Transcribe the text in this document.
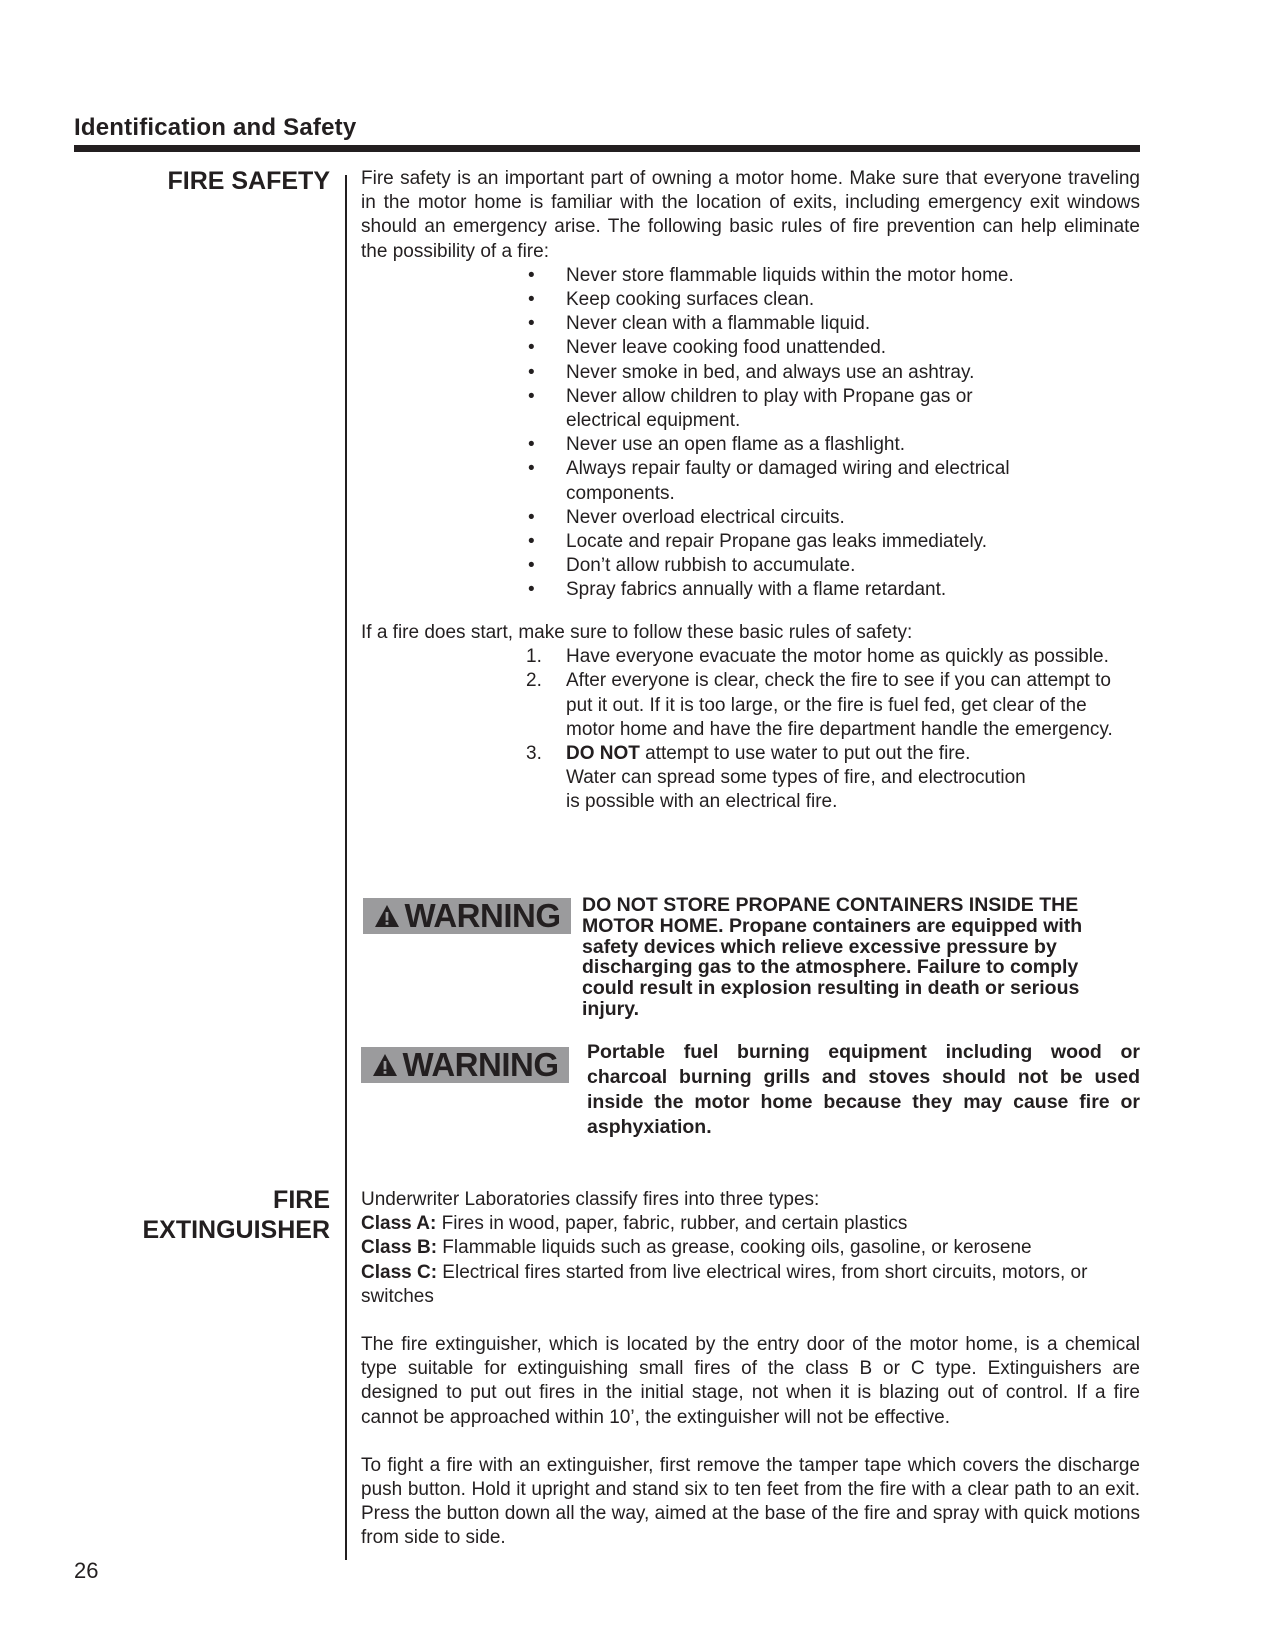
Identification and Safety
FIRE SAFETY Fire safety is an important part of owning a motor home. Make sure that everyone traveling in the motor home is familiar with the location of exits, including emergency exit windows should an emergency arise. The following basic rules of fire prevention can help eliminate the possibility of a fire:

• Never store flammable liquids within the motor home.
• Keep cooking surfaces clean.
• Never clean with a flammable liquid.
• Never leave cooking food unattended.
• Never smoke in bed, and always use an ashtray.
• Never allow children to play with Propane gas or electrical equipment.
• Never use an open flame as a flashlight.
• Always repair faulty or damaged wiring and electrical components.
• Never overload electrical circuits.
• Locate and repair Propane gas leaks immediately.
• Don’t allow rubbish to accumulate.
• Spray fabrics annually with a flame retardant.

If a fire does start, make sure to follow these basic rules of safety:

1. Have everyone evacuate the motor home as quickly as possible.
2. After everyone is clear, check the fire to see if you can attempt to put it out. If it is too large, or the fire is fuel fed, get clear of the motor home and have the fire department handle the emergency.
3. DO NOT attempt to use water to put out the fire.
Water can spread some types of fire, and electrocution
is possible with an electrical fire.
WARNING DO NOT STORE PROPANE CONTAINERS INSIDE THE MOTOR HOME. Propane containers are equipped with safety devices which relieve excessive pressure by discharging gas to the atmosphere. Failure to comply could result in explosion resulting in death or serious injury.
WARNING Portable fuel burning equipment including wood or charcoal burning grills and stoves should not be used inside the motor home because they may cause fire or asphyxiation.
FIRE
EXTINGUISHER

Underwriter Laboratories classify fires into three types:

Class A: Fires in wood, paper, fabric, rubber, and certain plastics

Class B: Flammable liquids such as grease, cooking oils, gasoline, or kerosene

Class C: Electrical fires started from live electrical wires, from short circuits, motors, or switches

The fire extinguisher, which is located by the entry door of the motor home, is a chemical type suitable for extinguishing small fires of the class B or C type. Extinguishers are designed to put out fires in the initial stage, not when it is blazing out of control. If a fire cannot be approached within 10’, the extinguisher will not be effective.

To fight a fire with an extinguisher, first remove the tamper tape which covers the discharge push button. Hold it upright and stand six to ten feet from the fire with a clear path to an exit. Press the button down all the way, aimed at the base of the fire and spray with quick motions from side to side.

26
